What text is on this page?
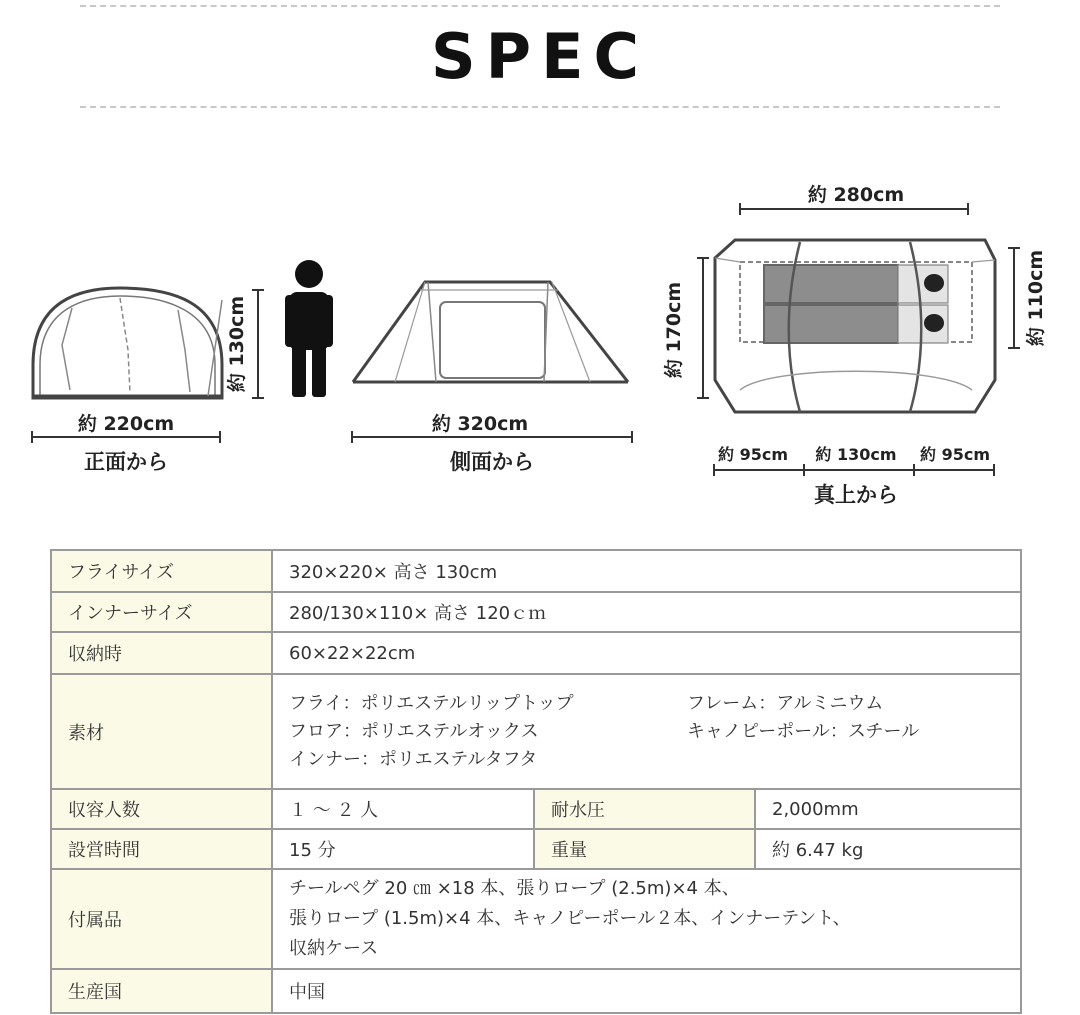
SPEC
約 130cm
約 220cm
正面から
約 320cm
側面から
約 280cm
約 170cm	約 110cm
約 95cm 約 130cm 約 95cm
真上から
フライサイズ	320×220× 高さ 130cm		
インナーサイズ	280/130×110× 高さ 120ｃｍ		
収納時	60×22×22cm		
素材	フライ：ポリエステルリップトップ フレーム：アルミニウム
フロア：ポリエステルオックス キャノピーポール：スチール
インナー：ポリエステルタフタ		

収容人数	１ ～ ２ 人	耐水圧	2,000mm
設営時間	15 分	重量	約 6.47 kg
付属品	チールペグ 20 ㎝ ×18 本、張りロープ (2.5m)×4 本、
張りロープ (1.5m)×4 本、キャノピーポール２本、インナーテント、
収納ケース		

生産国	中国		
